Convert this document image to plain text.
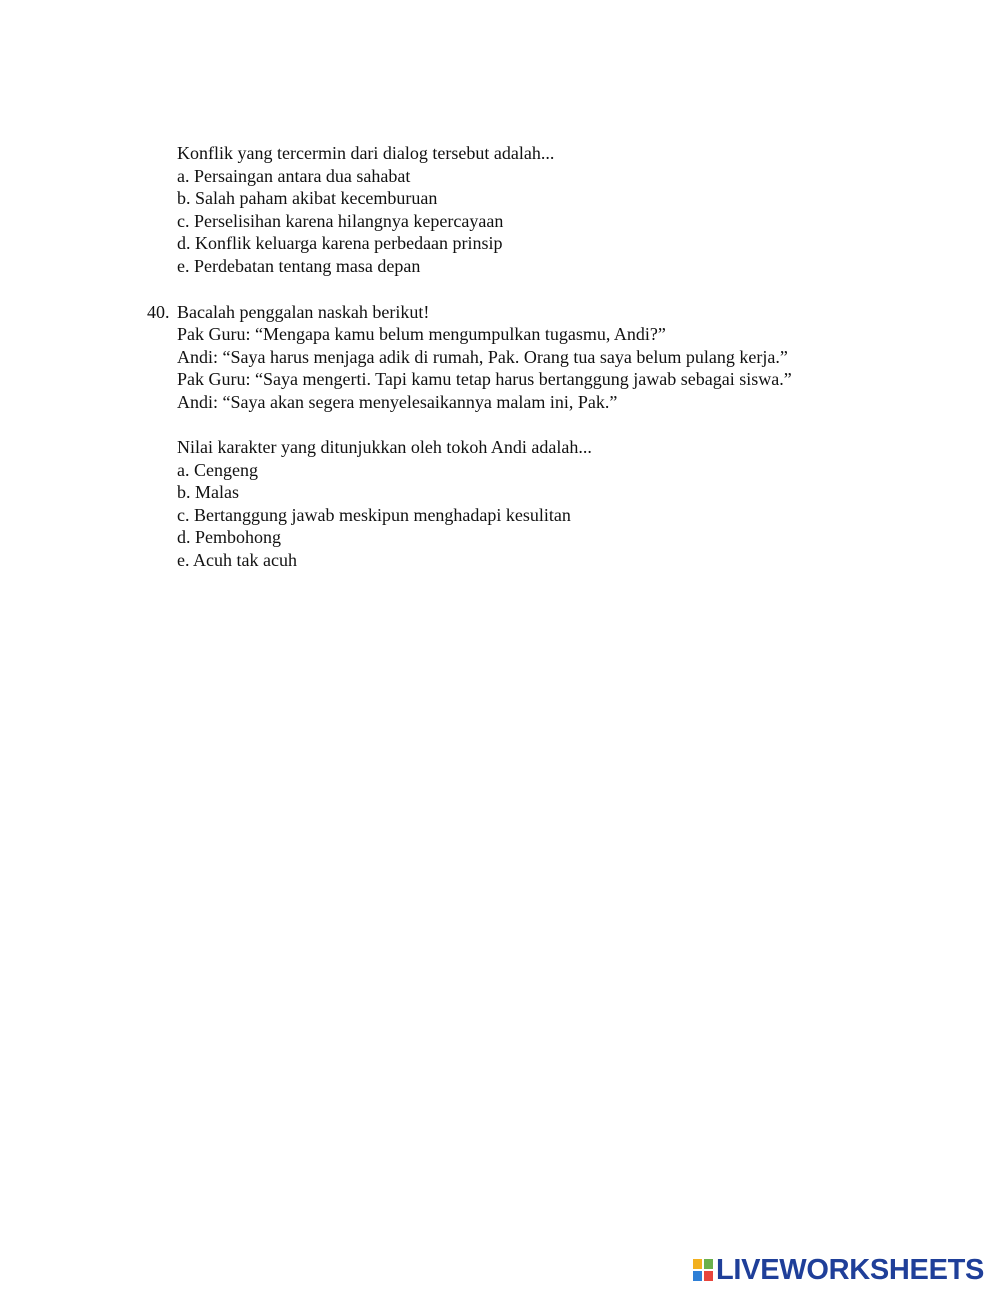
Konflik yang tercermin dari dialog tersebut adalah...
a. Persaingan antara dua sahabat
b. Salah paham akibat kecemburuan
c. Perselisihan karena hilangnya kepercayaan
d. Konflik keluarga karena perbedaan prinsip
e. Perdebatan tentang masa depan
40. Bacalah penggalan naskah berikut!
Pak Guru: “Mengapa kamu belum mengumpulkan tugasmu, Andi?”
Andi: “Saya harus menjaga adik di rumah, Pak. Orang tua saya belum pulang kerja.”
Pak Guru: “Saya mengerti. Tapi kamu tetap harus bertanggung jawab sebagai siswa.”
Andi: “Saya akan segera menyelesaikannya malam ini, Pak.”
Nilai karakter yang ditunjukkan oleh tokoh Andi adalah...
a. Cengeng
b. Malas
c. Bertanggung jawab meskipun menghadapi kesulitan
d. Pembohong
e. Acuh tak acuh
LIVEWORKSHEETS
